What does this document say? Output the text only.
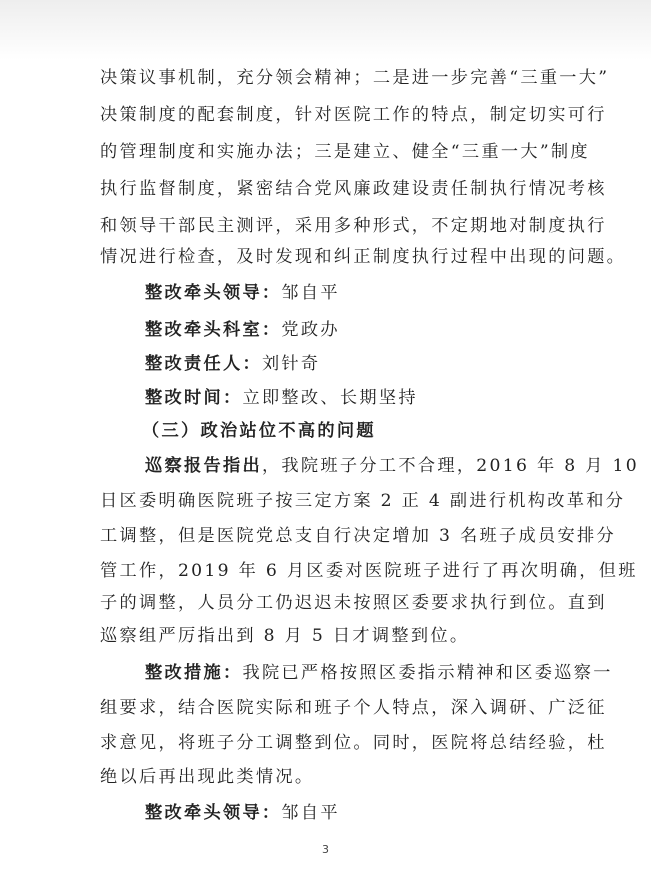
决策议事机制，充分领会精神；二是进一步完善“三重一大”
决策制度的配套制度，针对医院工作的特点，制定切实可行
的管理制度和实施办法；三是建立、健全“三重一大”制度
执行监督制度，紧密结合党风廉政建设责任制执行情况考核
和领导干部民主测评，采用多种形式，不定期地对制度执行
情况进行检查，及时发现和纠正制度执行过程中出现的问题。
整改牵头领导：邹自平
整改牵头科室：党政办
整改责任人：刘针奇
整改时间：立即整改、长期坚持
（三）政治站位不高的问题
巡察报告指出，我院班子分工不合理，2016 年 8 月 10
日区委明确医院班子按三定方案 2 正 4 副进行机构改革和分
工调整，但是医院党总支自行决定增加 3 名班子成员安排分
管工作，2019 年 6 月区委对医院班子进行了再次明确，但班
子的调整，人员分工仍迟迟未按照区委要求执行到位。直到
巡察组严厉指出到 8 月 5 日才调整到位。
整改措施：我院已严格按照区委指示精神和区委巡察一
组要求，结合医院实际和班子个人特点，深入调研、广泛征
求意见，将班子分工调整到位。同时，医院将总结经验，杜
绝以后再出现此类情况。
整改牵头领导：邹自平
3
